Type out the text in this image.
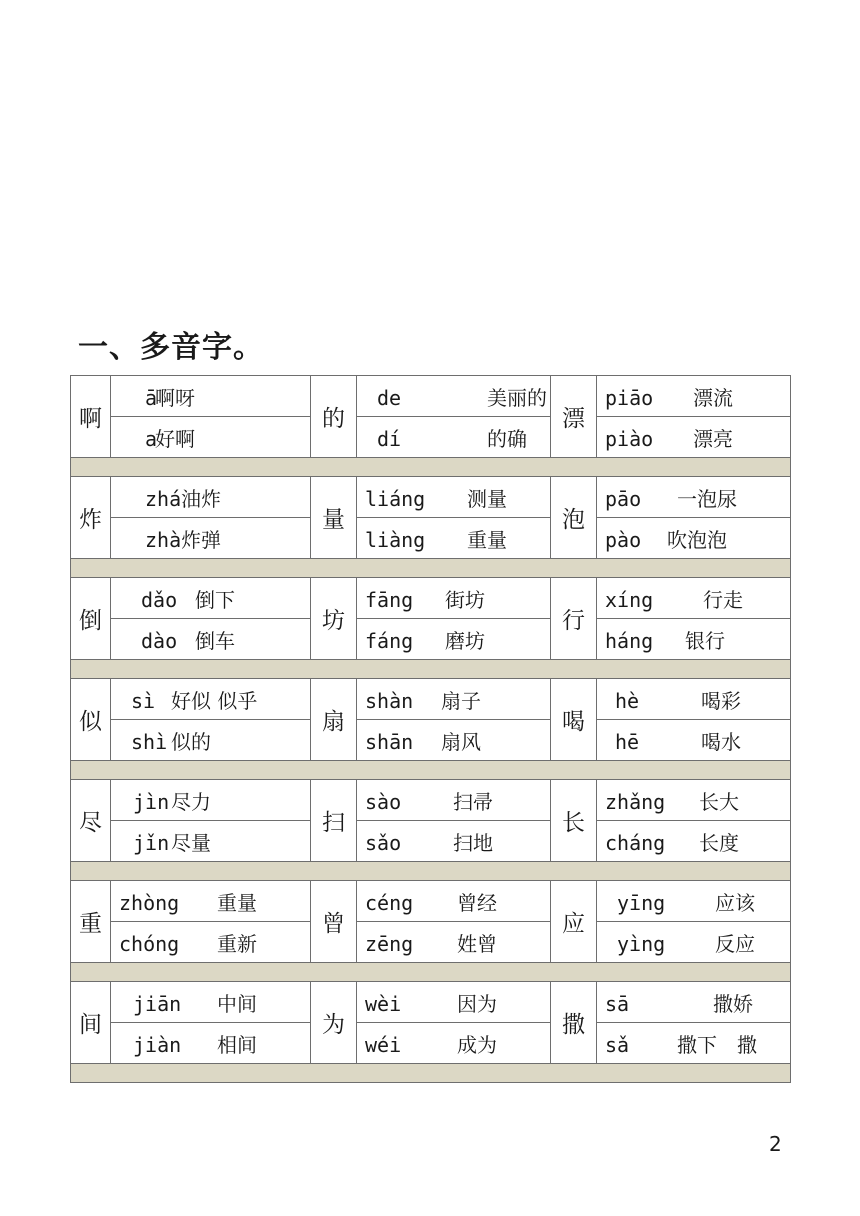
一、多音字。
啊	ā啊呀	的	de 美丽的	漂	piāo 漂流
	a好啊		dí 的确		piào 漂亮

炸	zhá油炸	量	liáng 测量	泡	pāo 一泡尿
	zhà炸弹		liàng 重量		pào 吹泡泡

倒	dǎo 倒下	坊	fāng 街坊	行	xíng 行走
	dào 倒车		fáng 磨坊		háng 银行

似	sì 好似 似乎	扇	shàn 扇子	喝	hè 喝彩
	shì 似的		shān 扇风		hē 喝水

尽	jìn尽力	扫	sào 扫帚	长	zhǎng 长大
	jǐn尽量		sǎo 扫地		cháng 长度

重	zhòng 重量	曾	céng 曾经	应	yīng 应该
	chóng 重新		zēng 姓曾		yìng 反应

间	jiān 中间	为	wèi 因为	撒	sā 撒娇
	jiàn 相间		wéi 成为		sǎ 撒下　撒

2
